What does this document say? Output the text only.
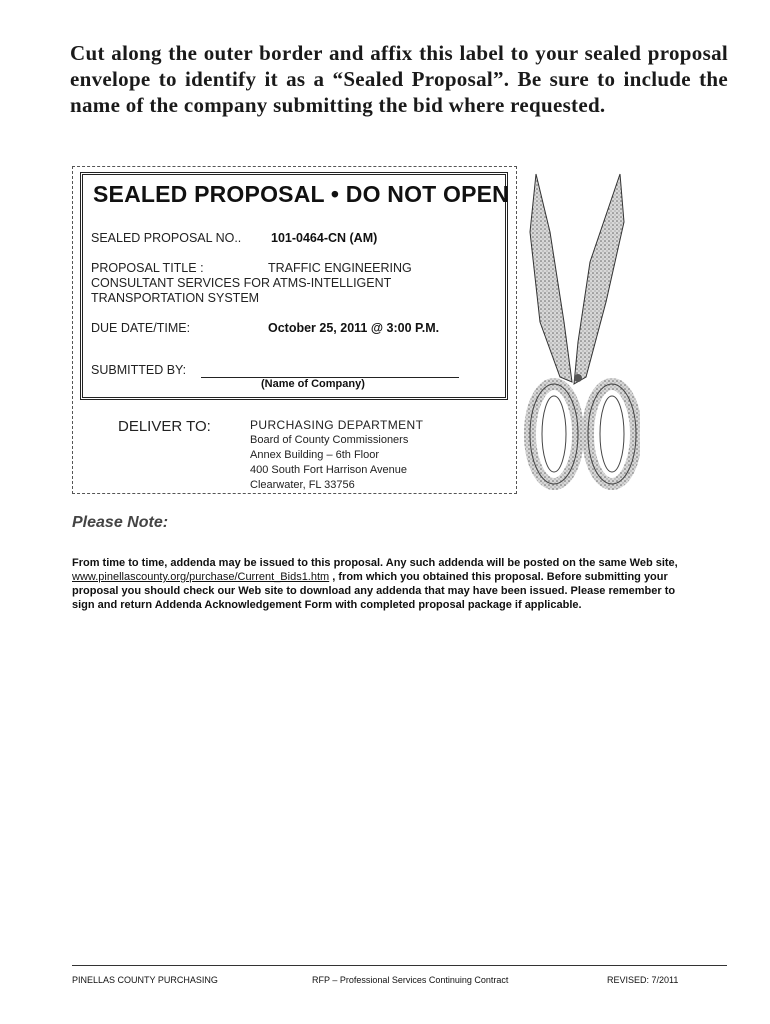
Cut along the outer border and affix this label to your sealed proposal envelope to identify it as a “Sealed Proposal”. Be sure to include the name of the company submitting the bid where requested.
SEALED PROPOSAL • DO NOT OPEN
SEALED PROPOSAL NO.. 101-0464-CN (AM)
PROPOSAL TITLE :	TRAFFIC ENGINEERING
CONSULTANT SERVICES FOR ATMS-INTELLIGENT
TRANSPORTATION SYSTEM
DUE DATE/TIME:	October 25, 2011 @ 3:00 P.M.
SUBMITTED BY:
(Name of Company)
DELIVER TO:	PURCHASING DEPARTMENT
Board of County Commissioners
Annex Building – 6th Floor
400 South Fort Harrison Avenue
Clearwater, FL 33756
Please Note:
From time to time, addenda may be issued to this proposal. Any such addenda will be posted on the same Web site, www.pinellascounty.org/purchase/Current_Bids1.htm , from which you obtained this proposal. Before submitting your proposal you should check our Web site to download any addenda that may have been issued. Please remember to sign and return Addenda Acknowledgement Form with completed proposal package if applicable.
PINELLAS COUNTY PURCHASING	RFP – Professional Services Continuing Contract	REVISED: 7/2011
